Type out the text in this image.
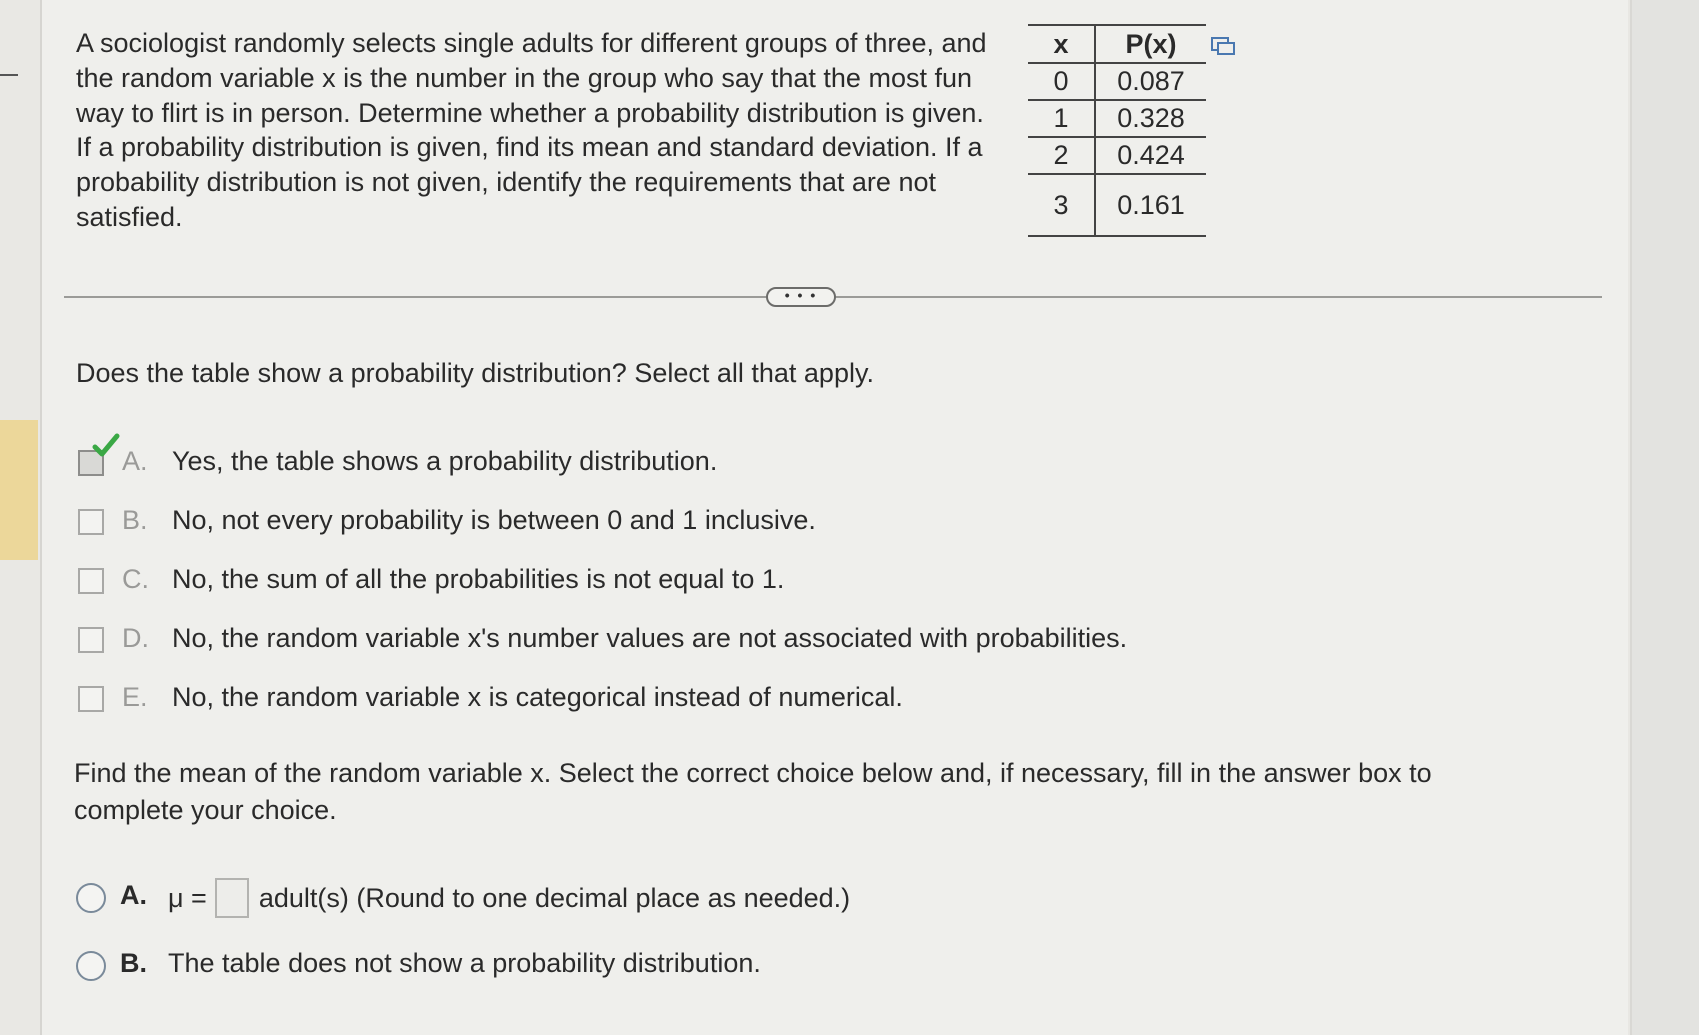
A sociologist randomly selects single adults for different groups of three, and the random variable x is the number in the group who say that the most fun way to flirt is in person. Determine whether a probability distribution is given. If a probability distribution is given, find its mean and standard deviation. If a probability distribution is not given, identify the requirements that are not satisfied.

x	P(x)
0	0.087
1	0.328
2	0.424
3	0.161
• • •

Does the table show a probability distribution? Select all that apply.

A. Yes, the table shows a probability distribution.
B. No, not every probability is between 0 and 1 inclusive.
C. No, the sum of all the probabilities is not equal to 1.
D. No, the random variable x's number values are not associated with probabilities.
E. No, the random variable x is categorical instead of numerical.

Find the mean of the random variable x. Select the correct choice below and, if necessary, fill in the answer box to complete your choice.

A. μ = adult(s) (Round to one decimal place as needed.)
B. The table does not show a probability distribution.
